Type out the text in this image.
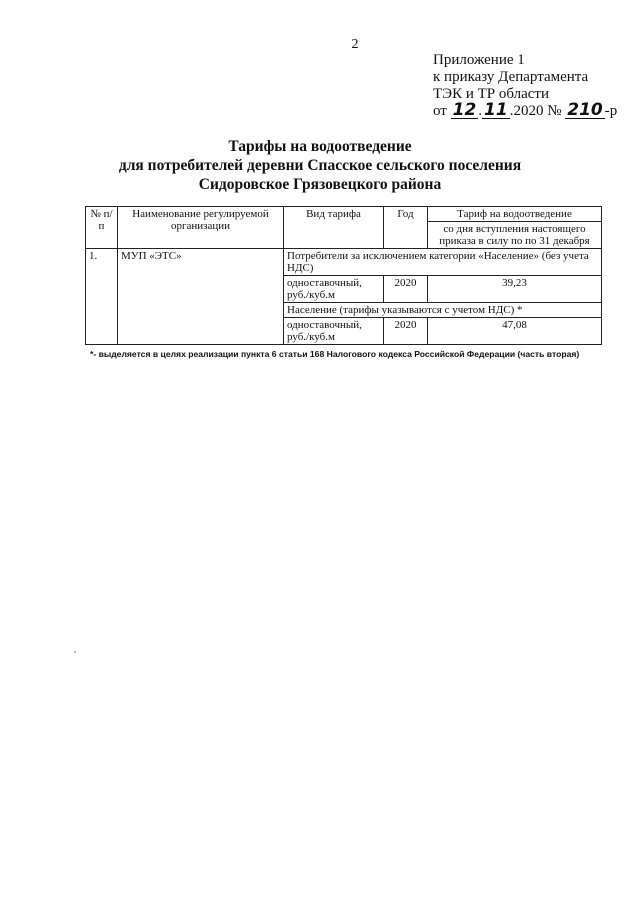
2
Приложение 1
к приказу Департамента
ТЭК и ТР области
от 12 . 11 .2020 № 210 -р
Тарифы на водоотведение
для потребителей деревни Спасское сельского поселения
Сидоровское Грязовецкого района
№ п/п	Наименование регулируемой организации	Вид тарифа	Год	Тариф на водоотведение
				со дня вступления настоящего приказа в силу по по 31 декабря
1.	МУП «ЭТС»	Потребители за исключением категории «Население» (без учета НДС)		
		одноставочный, руб./куб.м	2020	39,23
		Население (тарифы указываются с учетом НДС) *		
		одноставочный, руб./куб.м	2020	47,08
*- выделяется в целях реализации пункта 6 статьи 168 Налогового кодекса Российской Федерации (часть вторая)
